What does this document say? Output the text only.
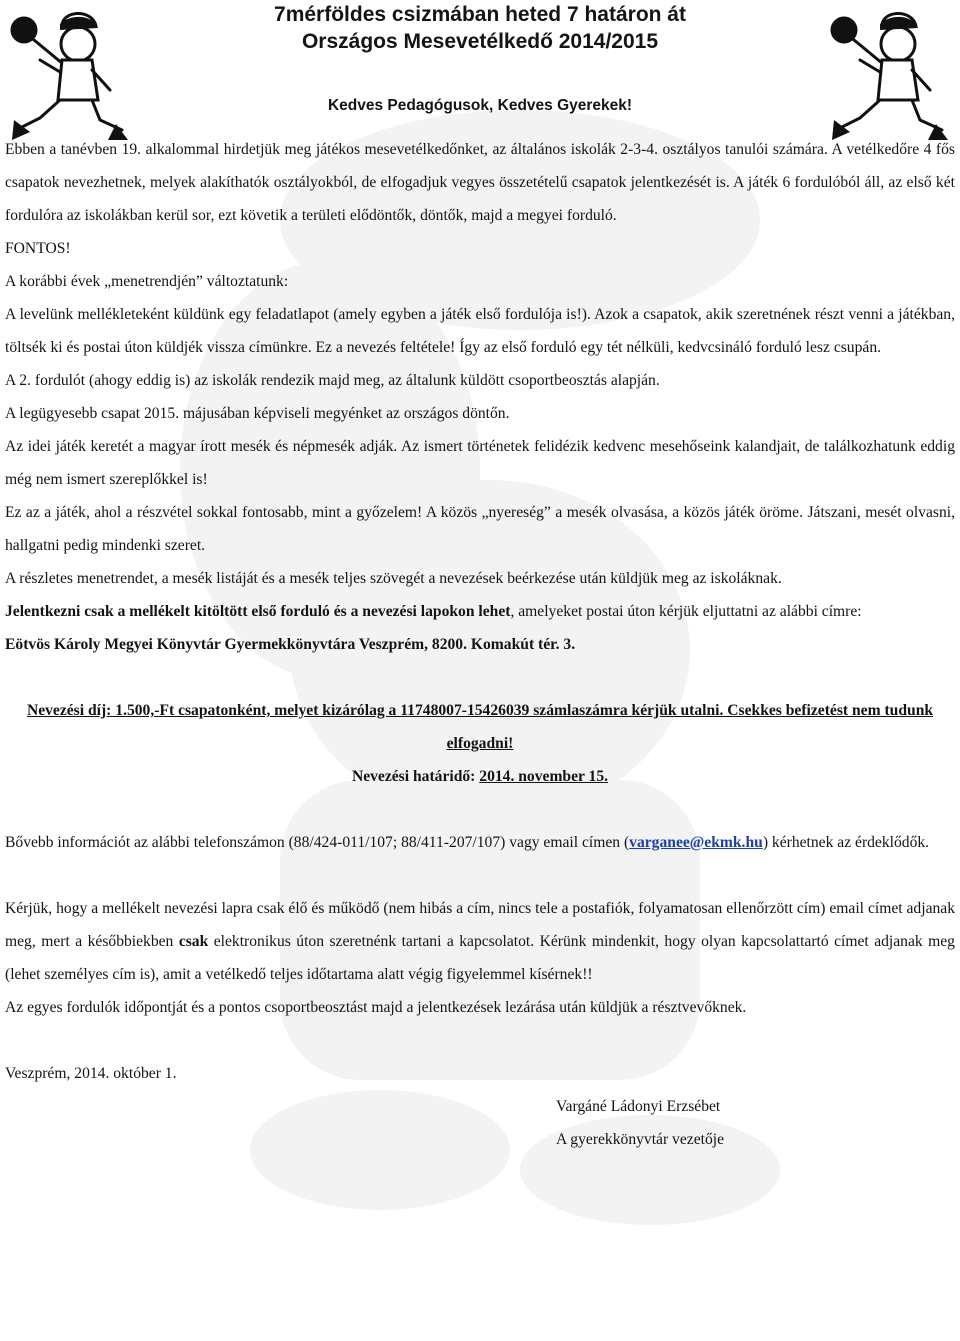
7mérföldes csizmában heted 7 határon át
Országos Mesevetélkedő 2014/2015
Kedves Pedagógusok, Kedves Gyerekek!

Ebben a tanévben 19. alkalommal hirdetjük meg játékos mesevetélkedőnket, az általános iskolák 2-3-4. osztályos tanulói számára. A vetélkedőre 4 fős csapatok nevezhetnek, melyek alakíthatók osztályokból, de elfogadjuk vegyes összetételű csapatok jelentkezését is. A játék 6 fordulóból áll, az első két fordulóra az iskolákban kerül sor, ezt követik a területi elődöntők, döntők, majd a megyei forduló.

FONTOS!

A korábbi évek „menetrendjén” változtatunk:

A levelünk mellékleteként küldünk egy feladatlapot (amely egyben a játék első fordulója is!). Azok a csapatok, akik szeretnének részt venni a játékban, töltsék ki és postai úton küldjék vissza címünkre. Ez a nevezés feltétele! Így az első forduló egy tét nélküli, kedvcsináló forduló lesz csupán.

A 2. fordulót (ahogy eddig is) az iskolák rendezik majd meg, az általunk küldött csoportbeosztás alapján.

A legügyesebb csapat 2015. májusában képviseli megyénket az országos döntőn.

Az idei játék keretét a magyar írott mesék és népmesék adják. Az ismert történetek felidézik kedvenc mesehőseink kalandjait, de találkozhatunk eddig még nem ismert szereplőkkel is!

Ez az a játék, ahol a részvétel sokkal fontosabb, mint a győzelem! A közös „nyereség” a mesék olvasása, a közös játék öröme. Játszani, mesét olvasni, hallgatni pedig mindenki szeret.

A részletes menetrendet, a mesék listáját és a mesék teljes szövegét a nevezések beérkezése után küldjük meg az iskoláknak.

Jelentkezni csak a mellékelt kitöltött első forduló és a nevezési lapokon lehet, amelyeket postai úton kérjük eljuttatni az alábbi címre:

Eötvös Károly Megyei Könyvtár Gyermekkönyvtára Veszprém, 8200. Komakút tér. 3.

Nevezési díj: 1.500,-Ft csapatonként, melyet kizárólag a 11748007-15426039 számlaszámra kérjük utalni. Csekkes befizetést nem tudunk elfogadni!

Nevezési határidő: 2014. november 15.

Bővebb információt az alábbi telefonszámon (88/424-011/107; 88/411-207/107) vagy email címen (varganee@ekmk.hu) kérhetnek az érdeklődők.

Kérjük, hogy a mellékelt nevezési lapra csak élő és működő (nem hibás a cím, nincs tele a postafiók, folyamatosan ellenőrzött cím) email címet adjanak meg, mert a későbbiekben csak elektronikus úton szeretnénk tartani a kapcsolatot. Kérünk mindenkit, hogy olyan kapcsolattartó címet adjanak meg (lehet személyes cím is), amit a vetélkedő teljes időtartama alatt végig figyelemmel kísérnek!!

Az egyes fordulók időpontját és a pontos csoportbeosztást majd a jelentkezések lezárása után küldjük a résztvevőknek.

Veszprém, 2014. október 1.

Vargáné Ládonyi Erzsébet

A gyerekkönyvtár vezetője
